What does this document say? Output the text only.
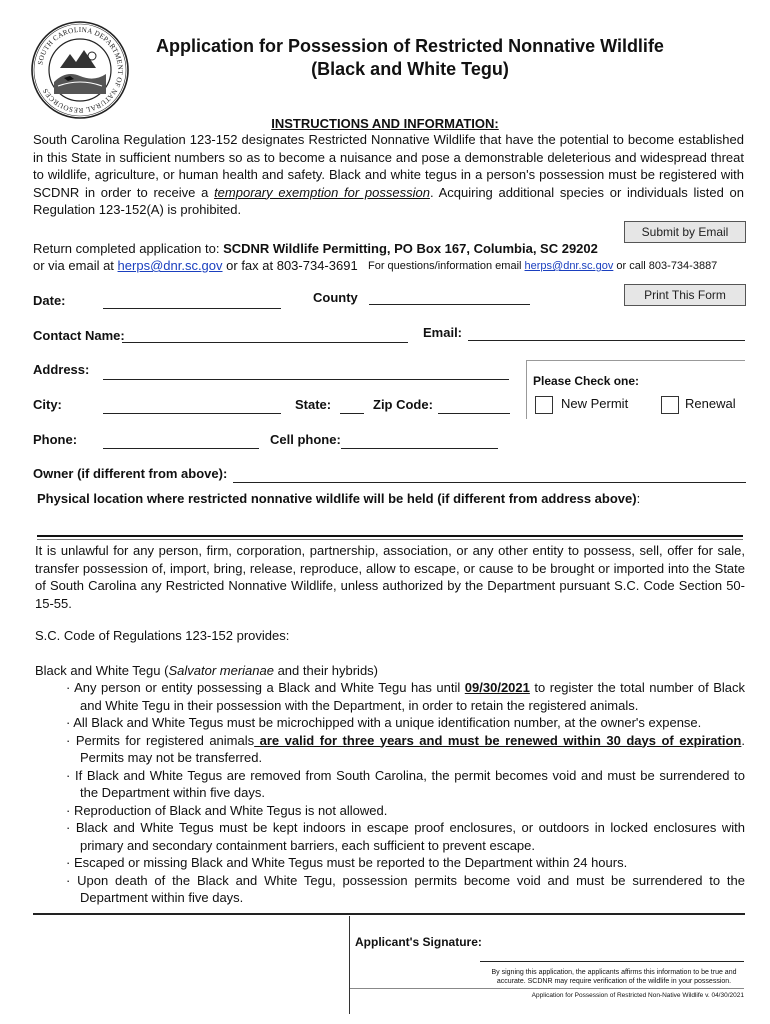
SOUTH CAROLINA DEPARTMENT OF NATURAL RESOURCES
Application for Possession of Restricted Nonnative Wildlife
(Black and White Tegu)
INSTRUCTIONS AND INFORMATION:
South Carolina Regulation 123-152 designates Restricted Nonnative Wildlife that have the potential to become established in this State in sufficient numbers so as to become a nuisance and pose a demonstrable deleterious and widespread threat to wildlife, agriculture, or human health and safety. Black and white tegus in a person's possession must be registered with SCDNR in order to receive a temporary exemption for possession. Acquiring additional species or individuals listed on Regulation 123-152(A) is prohibited.
Submit by Email
Return completed application to: SCDNR Wildlife Permitting, PO Box 167, Columbia, SC 29202
or via email at herps@dnr.sc.gov or fax at 803-734-3691 For questions/information email herps@dnr.sc.gov or call 803-734-3887
Print This Form
Date:	County
Contact Name:	Email:
Address:
City:	State:	Zip Code:
Phone:	Cell phone:
Please Check one:
New Permit	Renewal
Owner (if different from above):
Physical location where restricted nonnative wildlife will be held (if different from address above):
It is unlawful for any person, firm, corporation, partnership, association, or any other entity to possess, sell, offer for sale, transfer possession of, import, bring, release, reproduce, allow to escape, or cause to be brought or imported into the State of South Carolina any Restricted Nonnative Wildlife, unless authorized by the Department pursuant S.C. Code Section 50-15-55.
S.C. Code of Regulations 123-152 provides:
Black and White Tegu (Salvator merianae and their hybrids)
· Any person or entity possessing a Black and White Tegu has until 09/30/2021 to register the total number of Black and White Tegu in their possession with the Department, in order to retain the registered animals.
· All Black and White Tegus must be microchipped with a unique identification number, at the owner's expense.
· Permits for registered animals are valid for three years and must be renewed within 30 days of expiration. Permits may not be transferred.
· If Black and White Tegus are removed from South Carolina, the permit becomes void and must be surrendered to the Department within five days.
· Reproduction of Black and White Tegus is not allowed.
· Black and White Tegus must be kept indoors in escape proof enclosures, or outdoors in locked enclosures with primary and secondary containment barriers, each sufficient to prevent escape.
· Escaped or missing Black and White Tegus must be reported to the Department within 24 hours.
· Upon death of the Black and White Tegu, possession permits become void and must be surrendered to the Department within five days.
Applicant's Signature:
By signing this application, the applicants affirms this information to be true and accurate. SCDNR may require verification of the wildlife in your possession.
Application for Possession of Restricted Non-Native Wildlife v. 04/30/2021
